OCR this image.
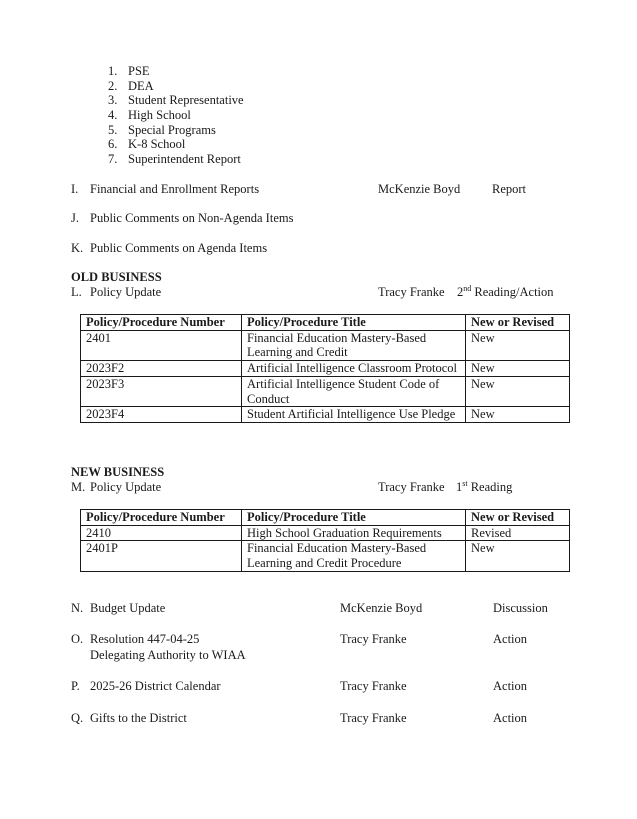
1. PSE
2. DEA
3. Student Representative
4. High School
5. Special Programs
6. K-8 School
7. Superintendent Report
I. Financial and Enrollment Reports	McKenzie Boyd	Report
J. Public Comments on Non-Agenda Items
K. Public Comments on Agenda Items
OLD BUSINESS
L. Policy Update	Tracy Franke 2nd Reading/Action
Policy/Procedure Number	Policy/Procedure Title	New or Revised
2401	Financial Education Mastery-Based Learning and Credit	New
2023F2	Artificial Intelligence Classroom Protocol	New
2023F3	Artificial Intelligence Student Code of Conduct	New
2023F4	Student Artificial Intelligence Use Pledge	New
NEW BUSINESS
M. Policy Update	Tracy Franke 1st Reading
Policy/Procedure Number	Policy/Procedure Title	New or Revised
2410	High School Graduation Requirements	Revised
2401P	Financial Education Mastery-Based Learning and Credit Procedure	New
N. Budget Update	McKenzie Boyd	Discussion
O. Resolution 447-04-25
Delegating Authority to WIAA
Tracy Franke	Action
P. 2025-26 District Calendar	Tracy Franke	Action
Q. Gifts to the District	Tracy Franke	Action
